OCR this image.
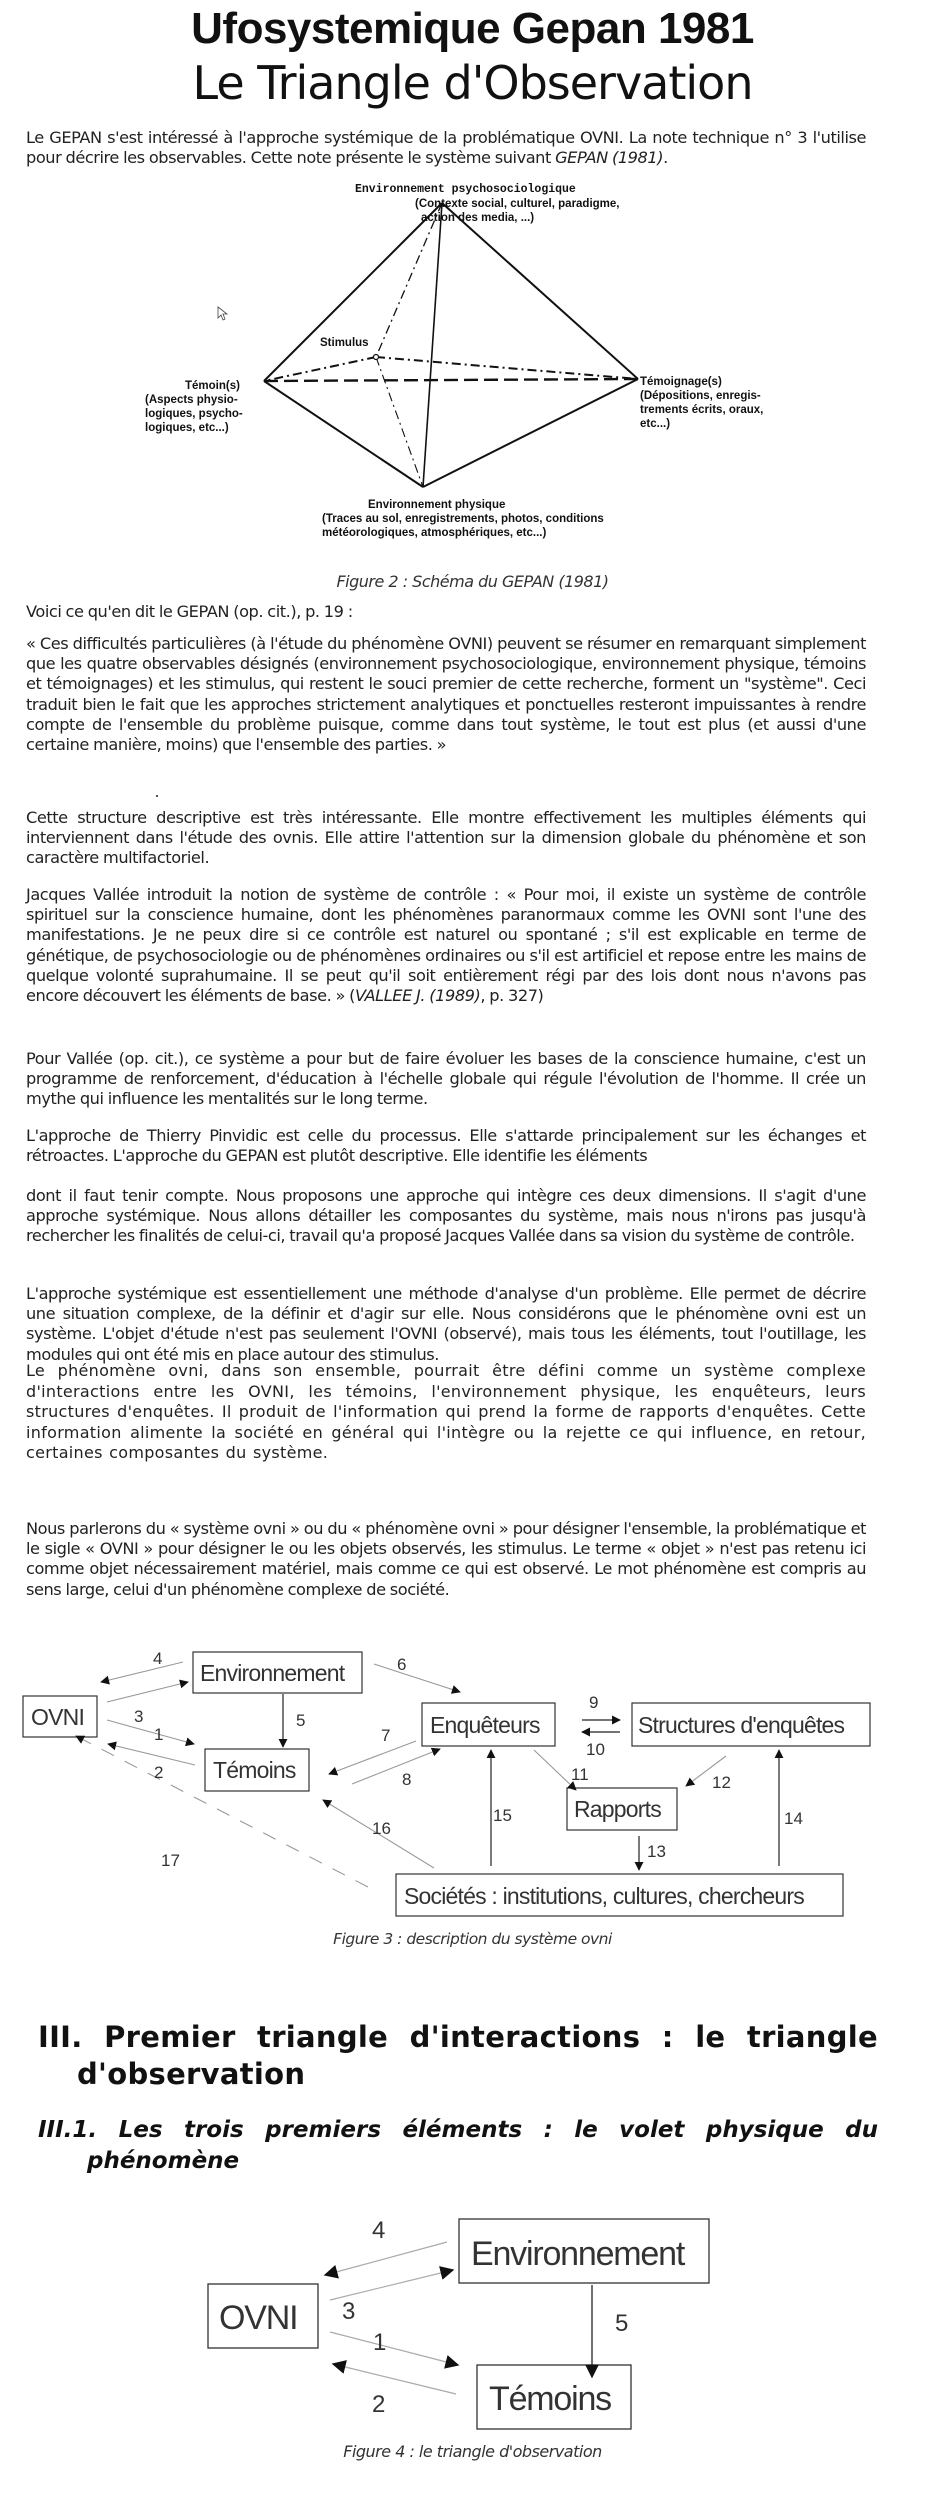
Ufosystemique Gepan 1981
Le Triangle d'Observation
Le GEPAN s'est intéressé à l'approche systémique de la problématique OVNI. La note technique n° 3 l'utilise pour décrire les observables. Cette note présente le système suivant GEPAN (1981).
Environnement psychosociologique
(Contexte social, culturel, paradigme,
action des media, ...)
Stimulus
Témoin(s)
(Aspects physio-
logiques, psycho-
logiques, etc...)
Témoignage(s)
(Dépositions, enregis-
trements écrits, oraux,
etc...)
Environnement physique
(Traces au sol, enregistrements, photos, conditions
météorologiques, atmosphériques, etc...)
Figure 2 : Schéma du GEPAN (1981)
Voici ce qu'en dit le GEPAN (op. cit.), p. 19 :
« Ces difficultés particulières (à l'étude du phénomène OVNI) peuvent se résumer en remarquant simplement que les quatre observables désignés (environnement psychosociologique, environnement physique, témoins et témoignages) et les stimulus, qui restent le souci premier de cette recherche, forment un "système". Ceci traduit bien le fait que les approches strictement analytiques et ponctuelles resteront impuissantes à rendre compte de l'ensemble du problème puisque, comme dans tout système, le tout est plus (et aussi d'une certaine manière, moins) que l'ensemble des parties. »
Cette structure descriptive est très intéressante. Elle montre effectivement les multiples éléments qui interviennent dans l'étude des ovnis. Elle attire l'attention sur la dimension globale du phénomène et son caractère multifactoriel.
Jacques Vallée introduit la notion de système de contrôle : « Pour moi, il existe un système de contrôle spirituel sur la conscience humaine, dont les phénomènes paranormaux comme les OVNI sont l'une des manifestations. Je ne peux dire si ce contrôle est naturel ou spontané ; s'il est explicable en terme de génétique, de psychosociologie ou de phénomènes ordinaires ou s'il est artificiel et repose entre les mains de quelque volonté suprahumaine. Il se peut qu'il soit entièrement régi par des lois dont nous n'avons pas encore découvert les éléments de base. » (VALLEE J. (1989), p. 327)
Pour Vallée (op. cit.), ce système a pour but de faire évoluer les bases de la conscience humaine, c'est un programme de renforcement, d'éducation à l'échelle globale qui régule l'évolution de l'homme. Il crée un mythe qui influence les mentalités sur le long terme.
L'approche de Thierry Pinvidic est celle du processus. Elle s'attarde principalement sur les échanges et rétroactes. L'approche du GEPAN est plutôt descriptive. Elle identifie les éléments
dont il faut tenir compte. Nous proposons une approche qui intègre ces deux dimensions. Il s'agit d'une approche systémique. Nous allons détailler les composantes du système, mais nous n'irons pas jusqu'à rechercher les finalités de celui-ci, travail qu'a proposé Jacques Vallée dans sa vision du système de contrôle.
L'approche systémique est essentiellement une méthode d'analyse d'un problème. Elle permet de décrire une situation complexe, de la définir et d'agir sur elle. Nous considérons que le phénomène ovni est un système. L'objet d'étude n'est pas seulement l'OVNI (observé), mais tous les éléments, tout l'outillage, les modules qui ont été mis en place autour des stimulus.
Le phénomène ovni, dans son ensemble, pourrait être défini comme un système complexe d'interactions entre les OVNI, les témoins, l'environnement physique, les enquêteurs, leurs structures d'enquêtes. Il produit de l'information qui prend la forme de rapports d'enquêtes. Cette information alimente la société en général qui l'intègre ou la rejette ce qui influence, en retour, certaines composantes du système.
Nous parlerons du « système ovni » ou du « phénomène ovni » pour désigner l'ensemble, la problématique et le sigle « OVNI » pour désigner le ou les objets observés, les stimulus. Le terme « objet » n'est pas retenu ici comme objet nécessairement matériel, mais comme ce qui est observé. Le mot phénomène est compris au sens large, celui d'un phénomène complexe de société.
OVNI
Environnement
Témoins
Enquêteurs	Structures d'enquêtes
Rapports
Sociétés : institutions, cultures, chercheurs
4
3
1
2
5
6
7
8
9
10
11	12
13
14
15
16
17
Figure 3 : description du système ovni
III. Premier triangle d'interactions : le triangle
d'observation
III.1. Les trois premiers éléments : le volet physique du
phénomène
OVNI
Environnement
Témoins
4
3
1
2
5
Figure 4 : le triangle d'observation
